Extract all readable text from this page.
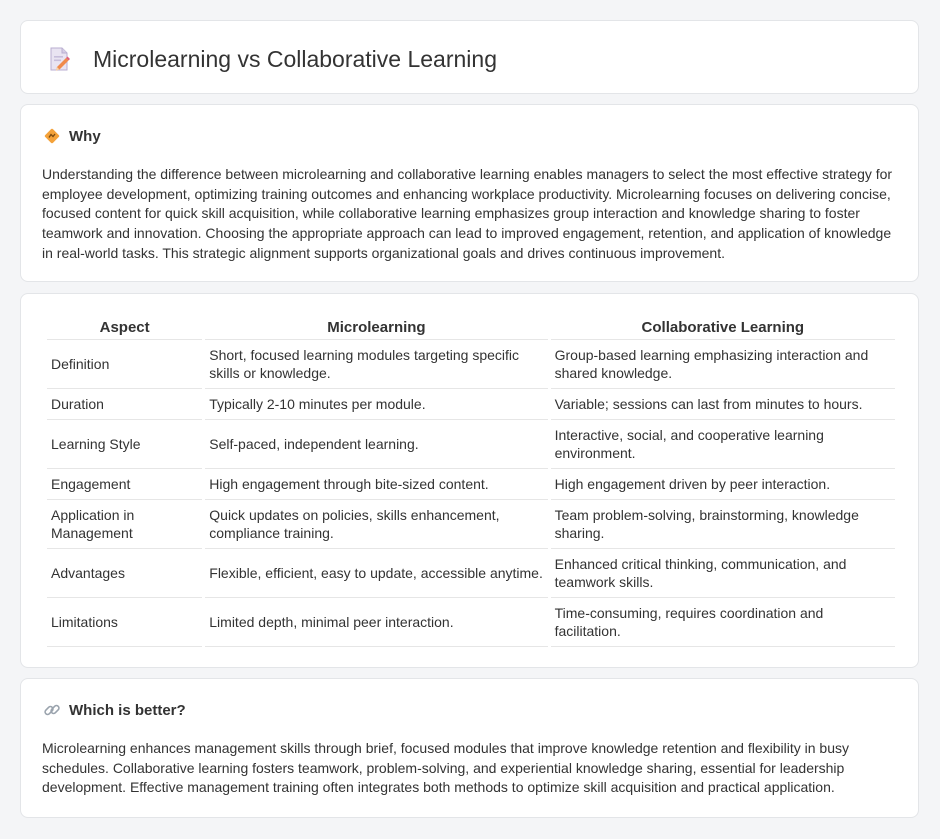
Microlearning vs Collaborative Learning
Why

Understanding the difference between microlearning and collaborative learning enables managers to select the most effective strategy for employee development, optimizing training outcomes and enhancing workplace productivity. Microlearning focuses on delivering concise, focused content for quick skill acquisition, while collaborative learning emphasizes group interaction and knowledge sharing to foster teamwork and innovation. Choosing the appropriate approach can lead to improved engagement, retention, and application of knowledge in real-world tasks. This strategic alignment supports organizational goals and drives continuous improvement.

Aspect	Microlearning	Collaborative Learning
Definition	Short, focused learning modules targeting specific skills or knowledge.	Group-based learning emphasizing interaction and shared knowledge.
Duration	Typically 2-10 minutes per module.	Variable; sessions can last from minutes to hours.
Learning Style	Self-paced, independent learning.	Interactive, social, and cooperative learning environment.
Engagement	High engagement through bite-sized content.	High engagement driven by peer interaction.
Application in Management	Quick updates on policies, skills enhancement, compliance training.	Team problem-solving, brainstorming, knowledge sharing.
Advantages	Flexible, efficient, easy to update, accessible anytime.	Enhanced critical thinking, communication, and teamwork skills.
Limitations	Limited depth, minimal peer interaction.	Time-consuming, requires coordination and facilitation.
Which is better?

Microlearning enhances management skills through brief, focused modules that improve knowledge retention and flexibility in busy schedules. Collaborative learning fosters teamwork, problem-solving, and experiential knowledge sharing, essential for leadership development. Effective management training often integrates both methods to optimize skill acquisition and practical application.
